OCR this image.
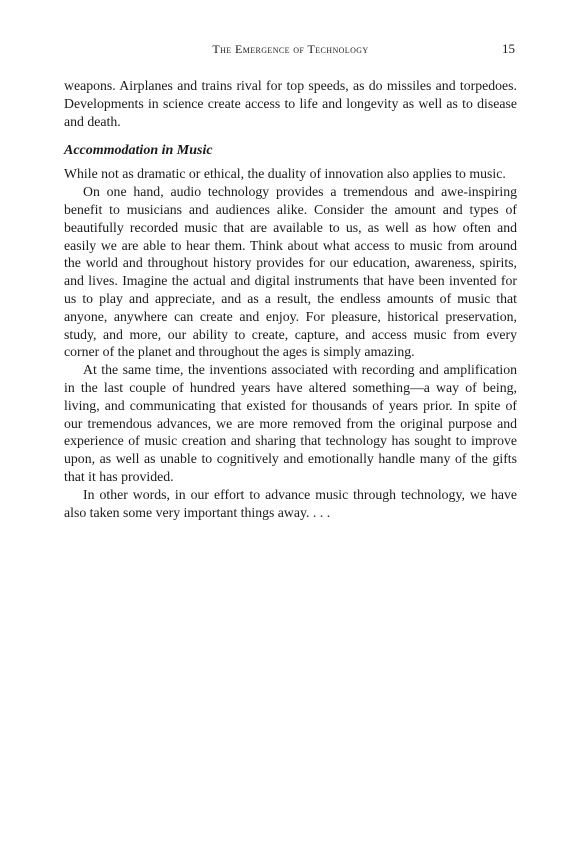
The Emergence of Technology	15

weapons. Airplanes and trains rival for top speeds, as do missiles and torpedoes. Developments in science create access to life and longevity as well as to disease and death.

Accommodation in Music

While not as dramatic or ethical, the duality of innovation also applies to music.

On one hand, audio technology provides a tremendous and awe-inspiring benefit to musicians and audiences alike. Consider the amount and types of beautifully recorded music that are available to us, as well as how often and easily we are able to hear them. Think about what access to music from around the world and throughout history provides for our education, awareness, spirits, and lives. Imagine the actual and digital instruments that have been invented for us to play and appreciate, and as a result, the endless amounts of music that anyone, anywhere can create and enjoy. For pleasure, historical preservation, study, and more, our ability to create, capture, and access music from every corner of the planet and throughout the ages is simply amazing.

At the same time, the inventions associated with recording and amplification in the last couple of hundred years have altered something—a way of being, living, and communicating that existed for thousands of years prior. In spite of our tremendous advances, we are more removed from the original purpose and experience of music creation and sharing that technology has sought to improve upon, as well as unable to cognitively and emotionally handle many of the gifts that it has provided.

In other words, in our effort to advance music through technology, we have also taken some very important things away. . . .
